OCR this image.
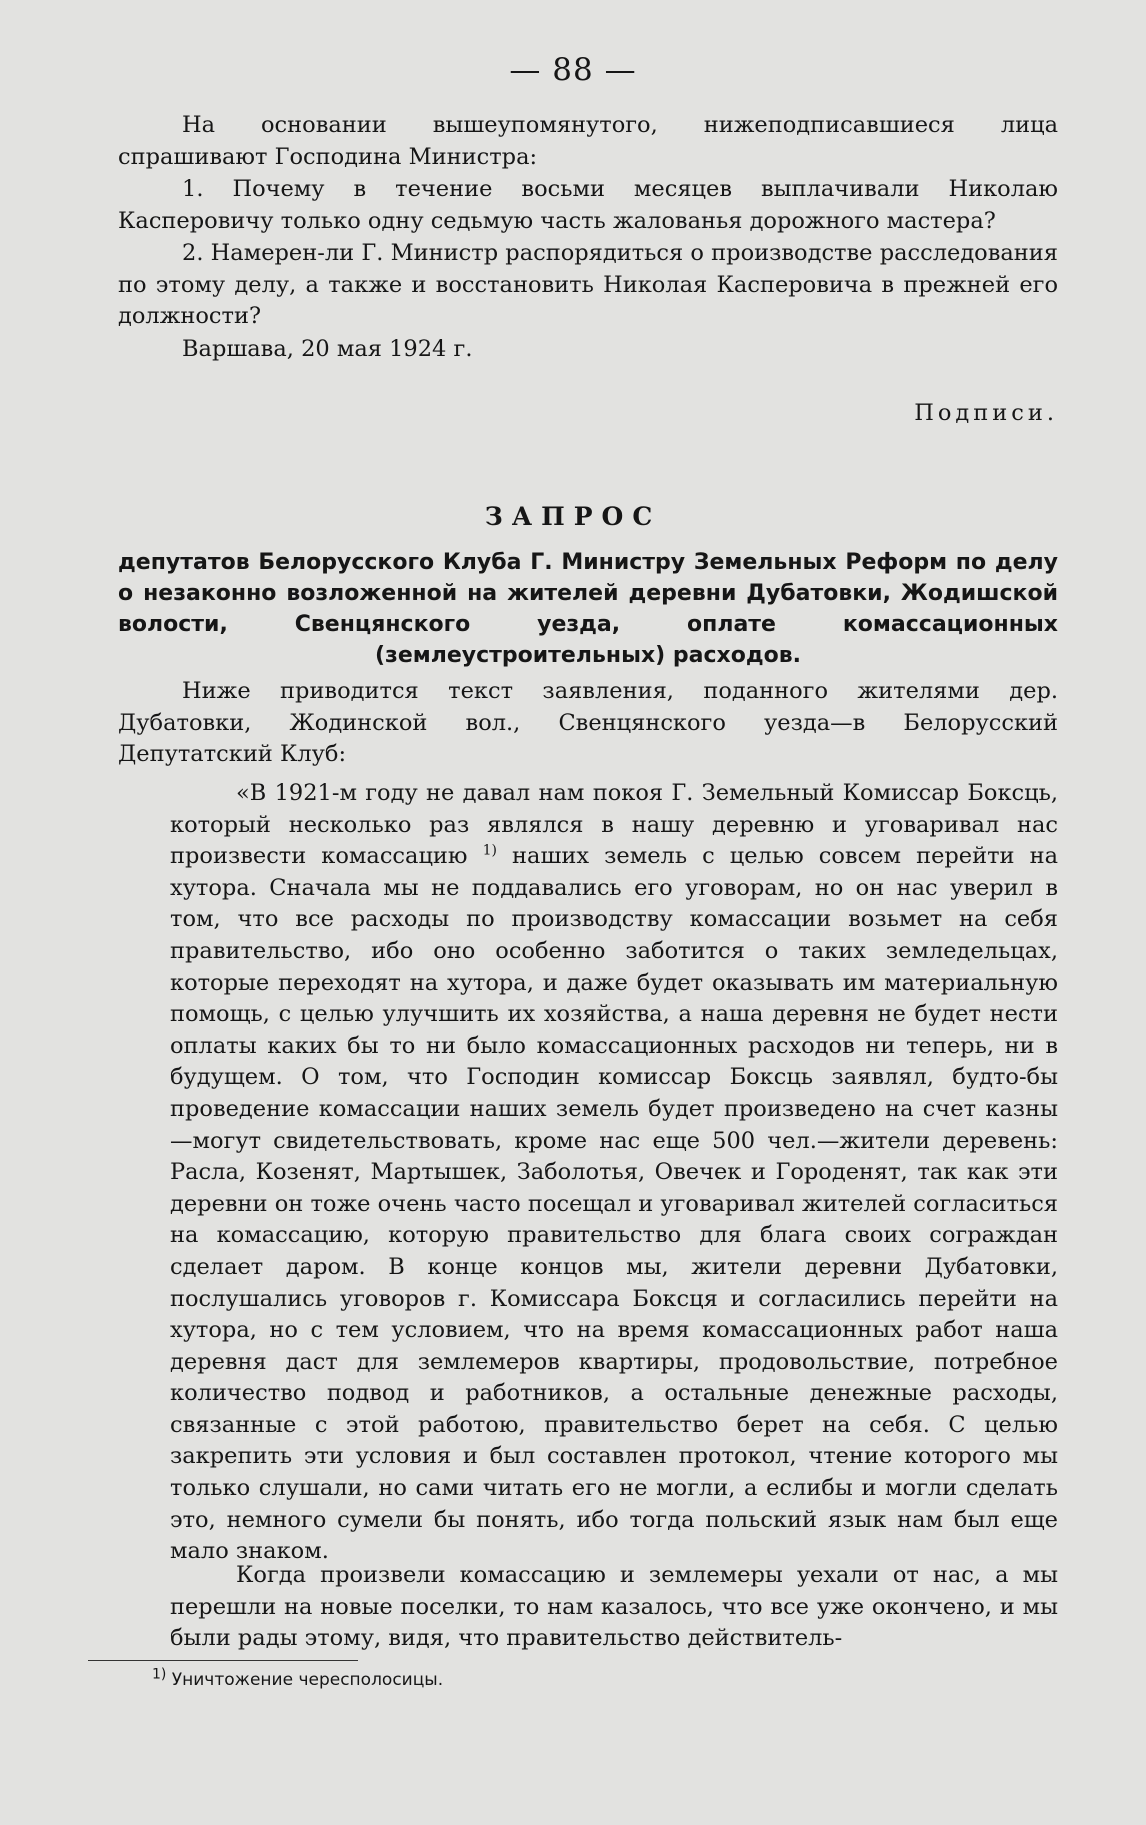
— 88 —

На основании вышеупомянутого, нижеподписавшиеся лица спрашивают Господина Министра:

1. Почему в течение восьми месяцев выплачивали Николаю Касперовичу только одну седьмую часть жалованья дорожного мастера?

2. Намерен-ли Г. Министр распорядиться о производстве расследования по этому делу, а также и восстановить Николая Касперовича в прежней его должности?

Варшава, 20 мая 1924 г.

Подписи.

ЗАПРОС

депутатов Белорусского Клуба Г. Министру Земельных Реформ по делу о незаконно возложенной на жителей деревни Дубатовки, Жодишской волости, Свенцянского уезда, оплате комассационных (землеустроительных) расходов.

Ниже приводится текст заявления, поданного жителями дер. Дубатовки, Жодинской вол., Свенцянского уезда—в Белорусский Депутатский Клуб:

«В 1921-м году не давал нам покоя Г. Земельный Комиссар Боксць, который несколько раз являлся в нашу деревню и уговаривал нас произвести комассацию $^{1)}$ наших земель с целью совсем перейти на хутора. Сначала мы не поддавались его уговорам, но он нас уверил в том, что все расходы по производству комассации возьмет на себя правительство, ибо оно особенно заботится о таких земледельцах, которые переходят на хутора, и даже будет оказывать им материальную помощь, с целью улучшить их хозяйства, а наша деревня не будет нести оплаты каких бы то ни было комассационных расходов ни теперь, ни в будущем. О том, что Господин комиссар Боксць заявлял, будто-бы проведение комассации наших земель будет произведено на счет казны—могут свидетельствовать, кроме нас еще 500 чел.—жители деревень: Расла, Козенят, Мартышек, Заболотья, Овечек и Городенят, так как эти деревни он тоже очень часто посещал и уговаривал жителей согласиться на комассацию, которую правительство для блага своих сограждан сделает даром. В конце концов мы, жители деревни Дубатовки, послушались уговоров г. Комиссара Боксця и согласились перейти на хутора, но с тем условием, что на время комассационных работ наша деревня даст для землемеров квартиры, продовольствие, потребное количество подвод и работников, а остальные денежные расходы, связанные с этой работою, правительство берет на себя. С целью закрепить эти условия и был составлен протокол, чтение которого мы только слушали, но сами читать его не могли, а еслибы и могли сделать это, немного сумели бы понять, ибо тогда польский язык нам был еще мало знаком.

Когда произвели комассацию и землемеры уехали от нас, а мы перешли на новые поселки, то нам казалось, что все уже окончено, и мы были рады этому, видя, что правительство действитель-

$^{1)}$ Уничтожение чересполосицы.
